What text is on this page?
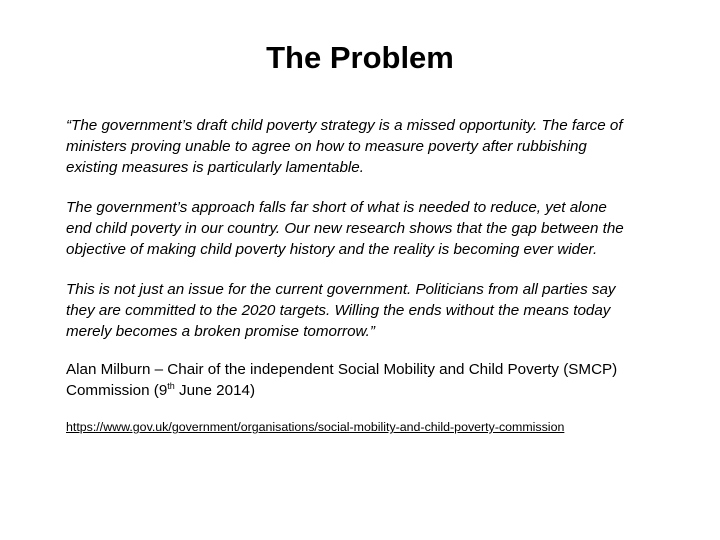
The Problem

“The government’s draft child poverty strategy is a missed opportunity. The farce of ministers proving unable to agree on how to measure poverty after rubbishing existing measures is particularly lamentable.

The government’s approach falls far short of what is needed to reduce, yet alone end child poverty in our country. Our new research shows that the gap between the objective of making child poverty history and the reality is becoming ever wider.

This is not just an issue for the current government. Politicians from all parties say they are committed to the 2020 targets. Willing the ends without the means today merely becomes a broken promise tomorrow.”

Alan Milburn – Chair of the independent Social Mobility and Child Poverty (SMCP) Commission (9th June 2014)

https://www.gov.uk/government/organisations/social-mobility-and-child-poverty-commission
